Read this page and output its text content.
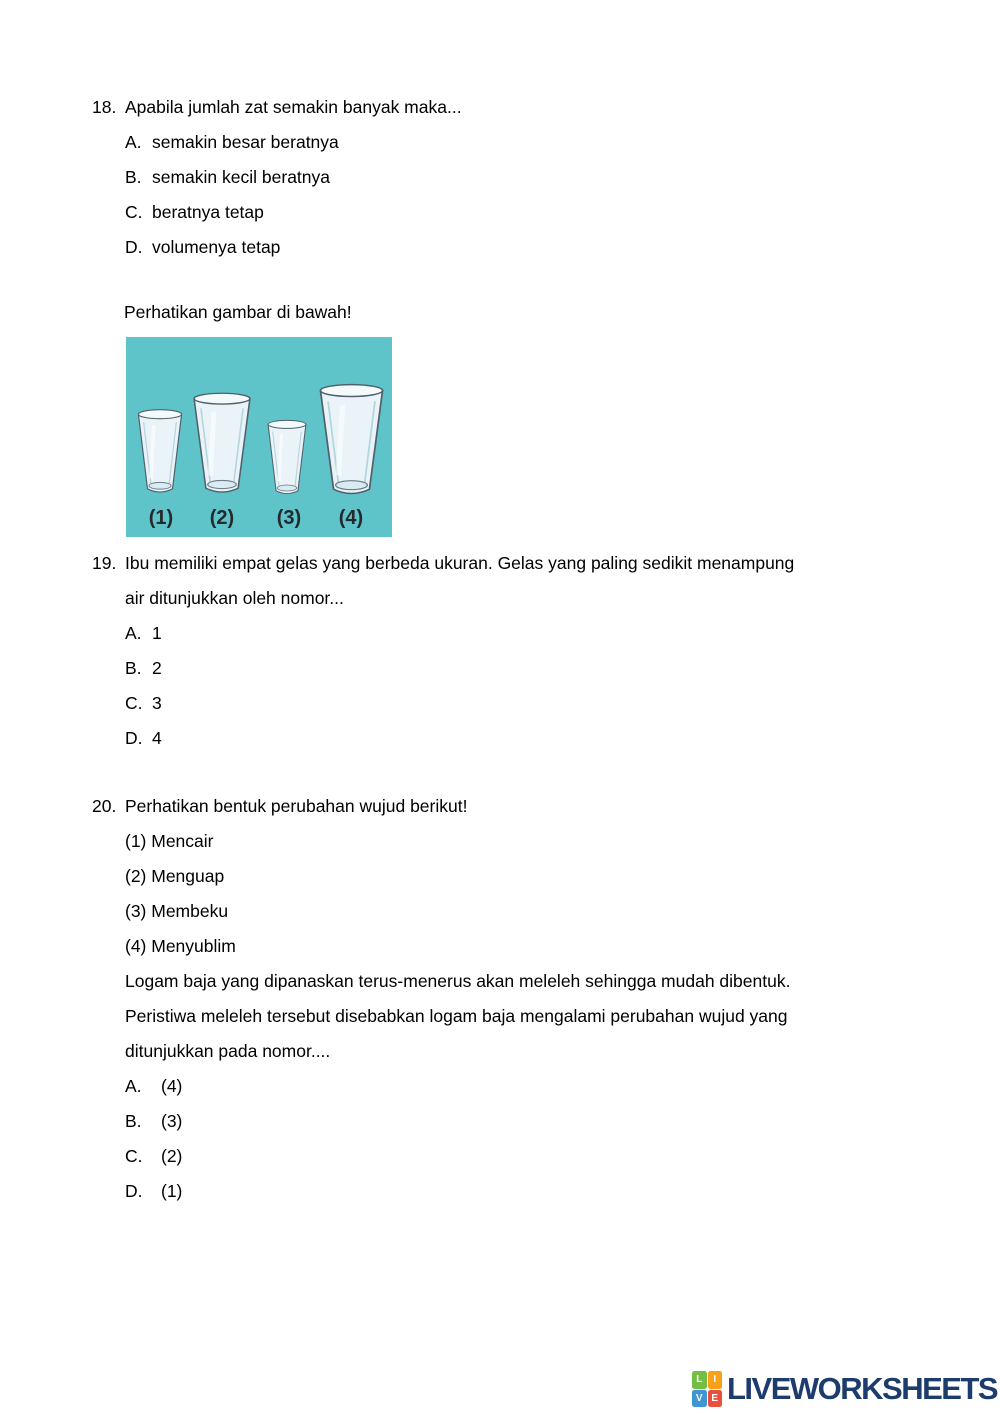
18. Apabila jumlah zat semakin banyak maka...
A. semakin besar beratnya
B. semakin kecil beratnya
C. beratnya tetap
D. volumenya tetap
Perhatikan gambar di bawah!
(1)	(2)	(3)	(4)
19. Ibu memiliki empat gelas yang berbeda ukuran. Gelas yang paling sedikit menampung
air ditunjukkan oleh nomor...
A. 1
B. 2
C. 3
D. 4
20. Perhatikan bentuk perubahan wujud berikut!
(1) Mencair
(2) Menguap
(3) Membeku
(4) Menyublim
Logam baja yang dipanaskan terus-menerus akan meleleh sehingga mudah dibentuk.
Peristiwa meleleh tersebut disebabkan logam baja mengalami perubahan wujud yang
ditunjukkan pada nomor....
A. (4)
B. (3)
C. (2)
D. (1)
L	I
V E LIVEWORKSHEETS
